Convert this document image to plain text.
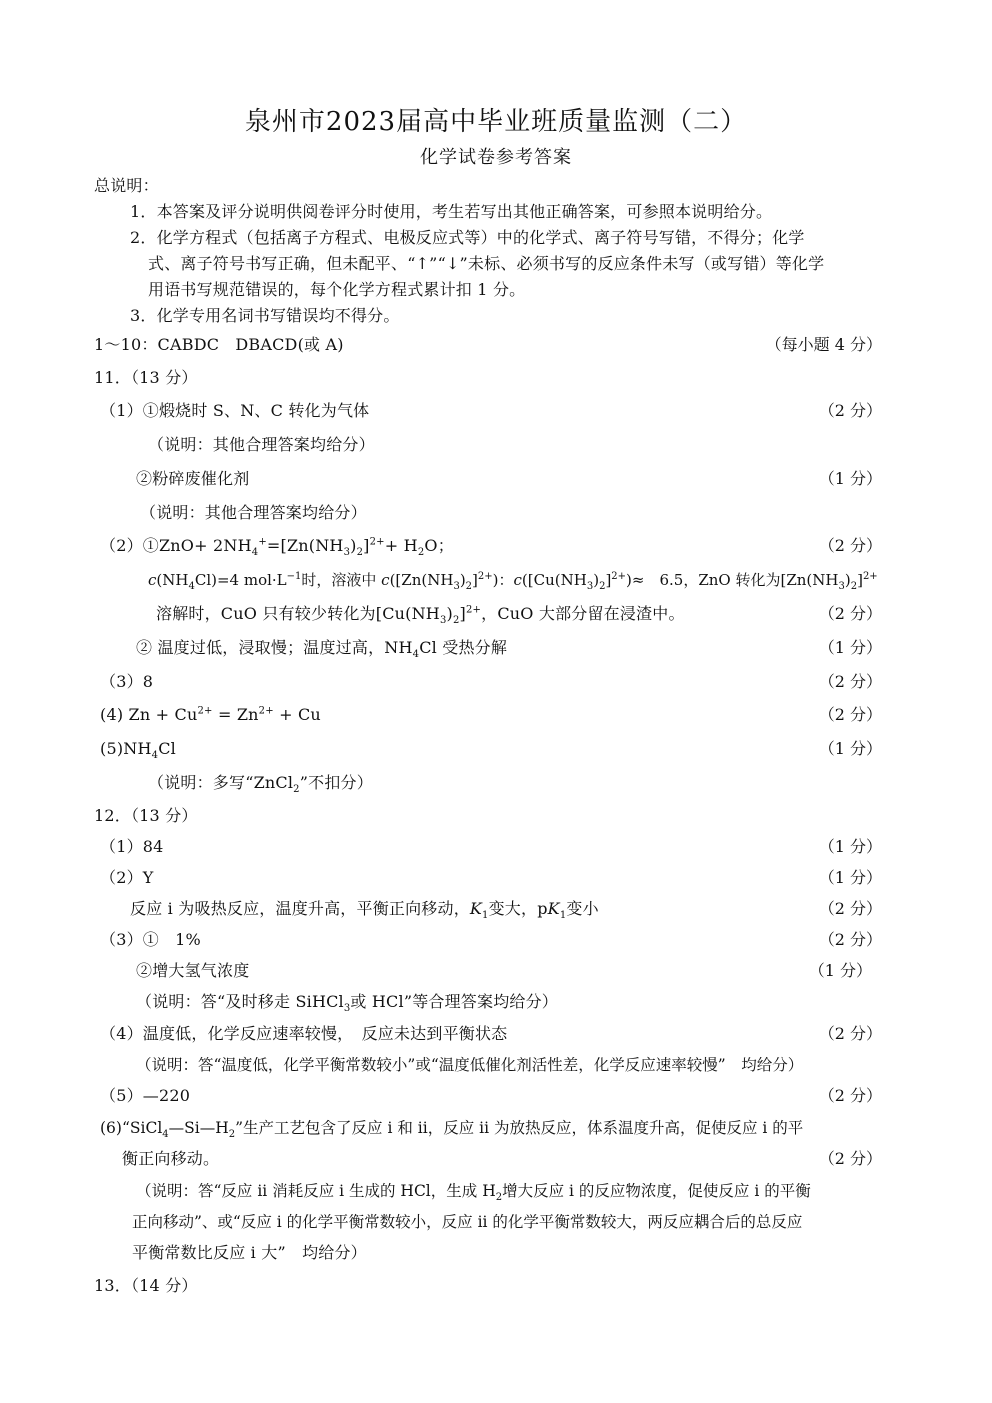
泉州市2023届高中毕业班质量监测（二）
化学试卷参考答案
总说明：
1．本答案及评分说明供阅卷评分时使用，考生若写出其他正确答案，可参照本说明给分。
2．化学方程式（包括离子方程式、电极反应式等）中的化学式、离子符号写错，不得分；化学
式、离子符号书写正确，但未配平、“↑”“↓”未标、必须书写的反应条件未写（或写错）等化学
用语书写规范错误的，每个化学方程式累计扣 1 分。
3．化学专用名词书写错误均不得分。
1～10：CABDC　DBACD(或 A)	（每小题 4 分）
11．（13 分）
（1）①煅烧时 S、N、C 转化为气体	（2 分）
（说明：其他合理答案均给分）
②粉碎废催化剂	（1 分）
（说明：其他合理答案均给分）
（2）①ZnO+ $2NH_4^+=[Zn(NH_3)_2]^{2+}+ H_2O$；	（2 分）
$c(NH_4Cl)=4$ $mol\cdot L^{-1}$时，溶液中 $c([Zn(NH_3)_2]^{2+})$：$c([Cu(NH_3)_2]^{2+})\approx$　6.5，ZnO 转化为$[Zn(NH_3)_2]^{2+}$
溶解时，CuO 只有较少转化为$[Cu(NH_3)_2]^{2+}$，CuO 大部分留在浸渣中。	（2 分）
② 温度过低，浸取慢；温度过高，$NH_4Cl$ 受热分解	（1 分）
（3）8	（2 分）
(4) $Zn + Cu^{2+} = Zn^{2+} + Cu$	（2 分）
$(5)NH_4Cl$	（1 分）
（说明：多写“ZnCl$_2$”不扣分）
12．（13 分）
（1）84	（1 分）
（2）Y	（1 分）
反应 i 为吸热反应，温度升高，平衡正向移动，$K_1$变大，$pK_1$变小	（2 分）
（3）①　1%	（2 分）
②增大氢气浓度	（1 分）
（说明：答“及时移走 SiHCl$_3$或 HCl”等合理答案均给分）
（4）温度低，化学反应速率较慢，　反应未达到平衡状态	（2 分）
（说明：答“温度低，化学平衡常数较小”或“温度低催化剂活性差，化学反应速率较慢”　均给分）
（5）—220	（2 分）
$(6)“SiCl_4—Si—H_2$”生产工艺包含了反应 i 和 ii，反应 ii 为放热反应，体系温度升高，促使反应 i 的平
衡正向移动。	（2 分）
（说明：答“反应 ii 消耗反应 i 生成的 HCl，生成 $H_2$增大反应 i 的反应物浓度，促使反应 i 的平衡
正向移动”、或“反应 i 的化学平衡常数较小，反应 ii 的化学平衡常数较大，两反应耦合后的总反应
平衡常数比反应 i 大”　均给分）
13．（14 分）
